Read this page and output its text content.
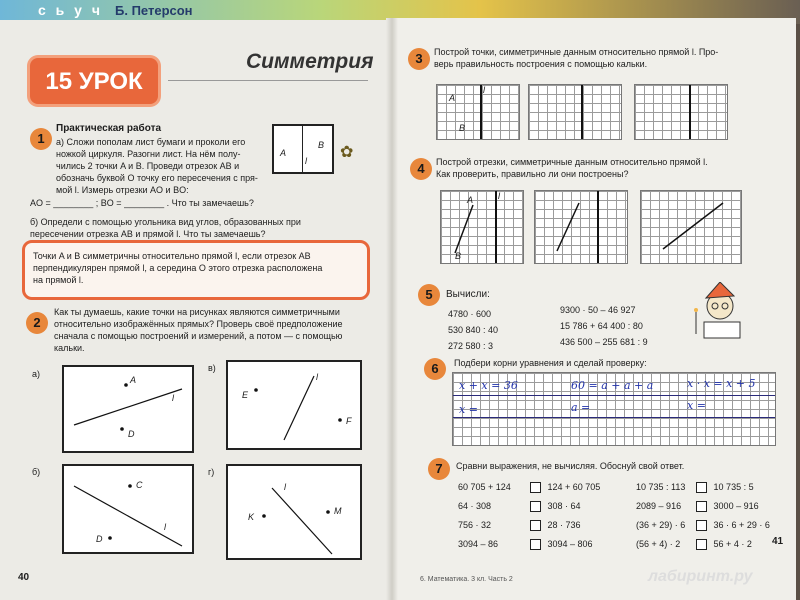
с ь у ч Б. Петерсон
15 УРОК
Симметрия
1
Практическая работа
а) Сложи пополам лист бумаги и проколи его
ножкой циркуля. Разогни лист. На нём полу-
чились 2 точки A и B. Проведи отрезок AB и
обозначь буквой O точку его пересечения с пря-
мой l. Измерь отрезки AO и BO:
A
B
l ✿
AO = ________ ; BO = ________ . Что ты замечаешь?
б) Определи с помощью угольника вид углов, образованных при
пересечении отрезка AB и прямой l. Что ты замечаешь?
Точки A и B симметричны относительно прямой l, если отрезок AB
перпендикулярен прямой l, а середина O этого отрезка расположена
на прямой l.
2
Как ты думаешь, какие точки на рисунках являются симметричными
относительно изображённых прямых? Проверь своё предположение
сначала с помощью построений и измерений, а потом — с помощью
кальки.
а)
A
D
l
в)
E
F
l
б)
C
D
l
г)
K
M
l
40
3	Построй точки, симметричные данным относительно прямой l. Про-
верь правильность построения с помощью кальки.
A
B
l
4	Построй отрезки, симметричные данным относительно прямой l.
Как проверить, правильно ли они построены?
A
B
l
5	Вычисли:
4780 · 600
530 840 : 40
272 580 : 3
9300 · 50 – 46 927
15 786 + 64 400 : 80
436 500 – 255 681 : 9
6	Подбери корни уравнения и сделай проверку:
x + x = 36	60 = a + a + a	x · x = x + 5
x =	a =	x =
7	Сравни выражения, не вычисляя. Обоснуй свой ответ.
60 705 + 124	124 + 60 705	10 735 : 113	10 735 : 5
64 · 308	308 · 64	2089 – 916	3000 – 916
756 · 32	28 · 736	(36 + 29) · 6	36 · 6 + 29 · 6
3094 – 86	3094 – 806	(56 + 4) · 2	56 + 4 · 2	41
6. Математика. 3 кл. Часть 2	лабиринт.ру
